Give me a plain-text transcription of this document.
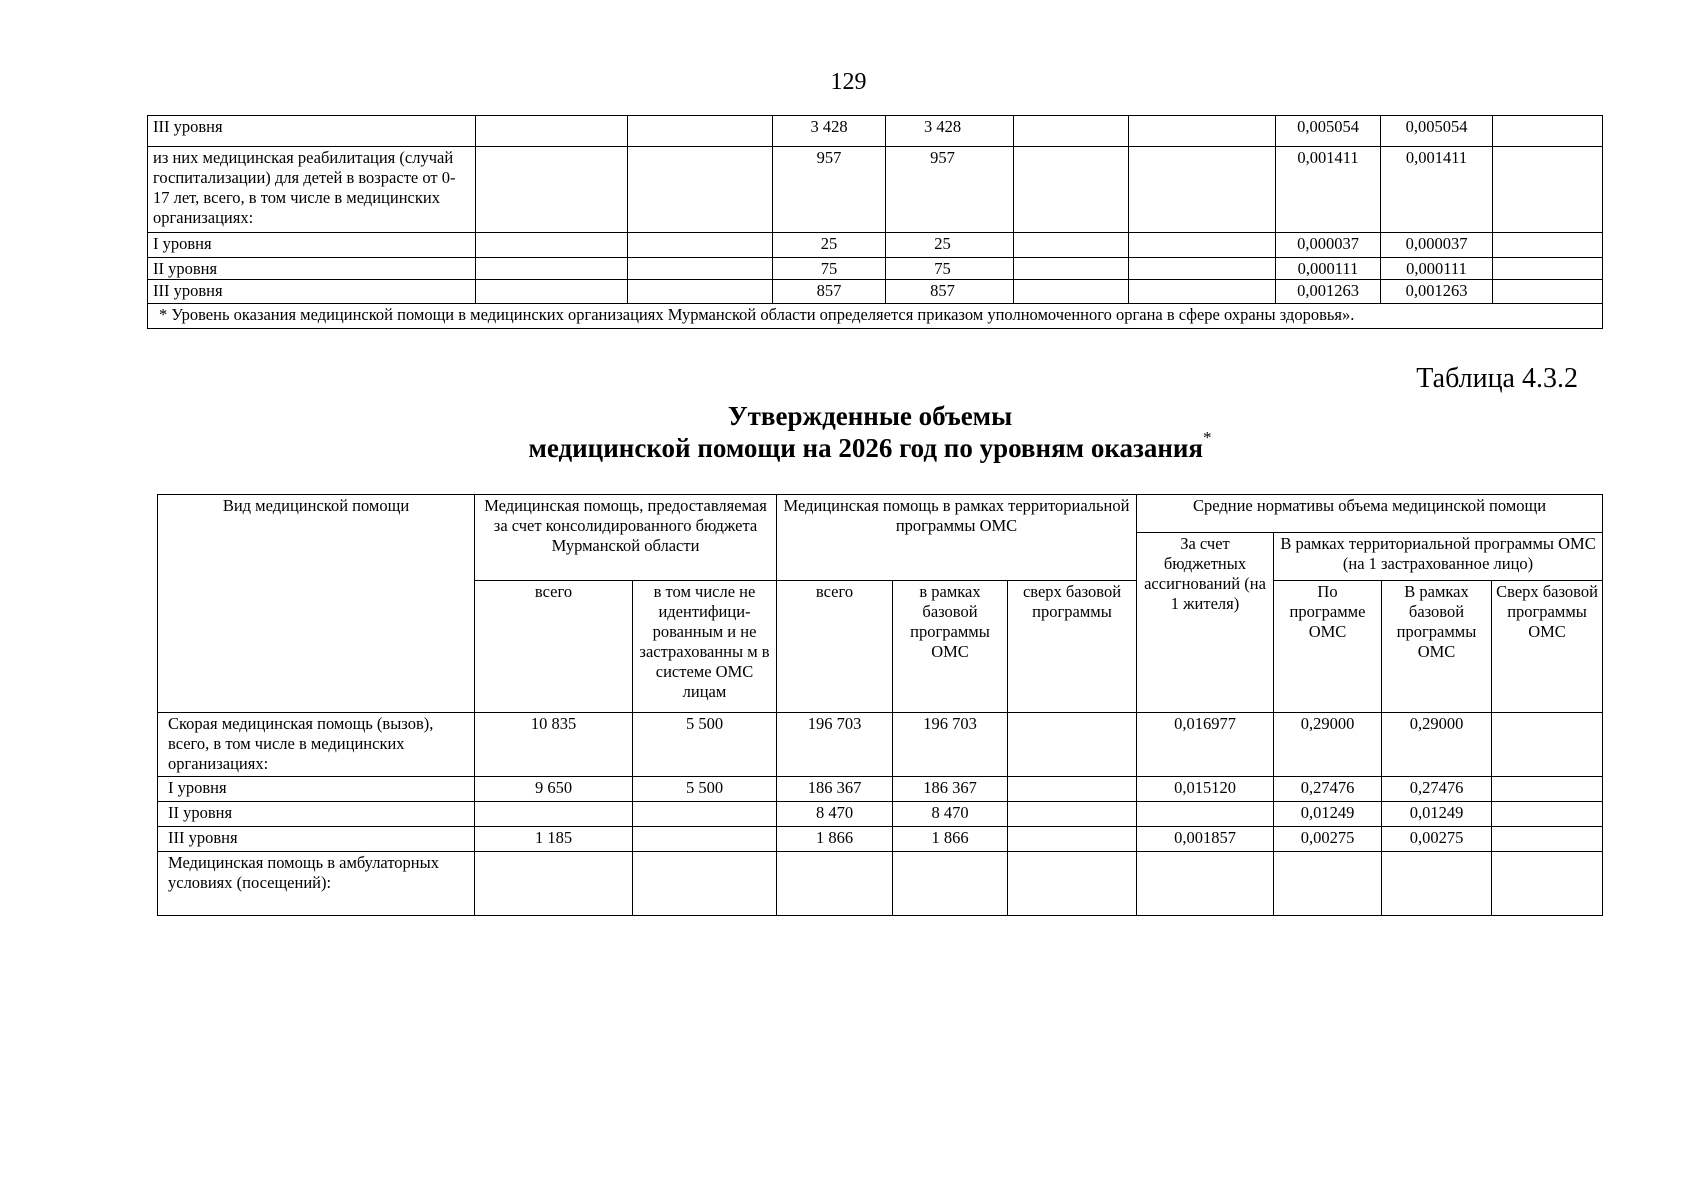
129
III уровня			3 428	3 428			0,005054	0,005054	
из них медицинская реабилитация (случай госпитализации) для детей в возрасте от 0-17 лет, всего, в том числе в медицинских организациях:			957	957			0,001411	0,001411	
I уровня			25	25			0,000037	0,000037	
II уровня			75	75			0,000111	0,000111	
III уровня			857	857			0,001263	0,001263	
* Уровень оказания медицинской помощи в медицинских организациях Мурманской области определяется приказом уполномоченного органа в сфере охраны здоровья».									
Таблица 4.3.2
Утвержденные объемы
медицинской помощи на 2026 год по уровням оказания*
Вид медицинской помощи	Медицинская помощь, предоставляемая за счет консолидированного бюджета Мурманской области		Медицинская помощь в рамках территориальной программы ОМС			Средние нормативы объема медицинской помощи			
						За счет бюджетных ассигнований (на 1 жителя)	В рамках территориальной программы ОМС (на 1 застрахованное лицо)		
	всего	в том числе не идентифици-рованным и не застрахованны м в системе ОМС лицам	всего	в рамках базовой программы ОМС	сверх базовой программы		По программе ОМС	В рамках базовой программы ОМС	Сверх базовой программы ОМС
Скорая медицинская помощь (вызов), всего, в том числе в медицинских организациях:	10 835	5 500	196 703	196 703		0,016977	0,29000	0,29000	
I уровня	9 650	5 500	186 367	186 367		0,015120	0,27476	0,27476	
II уровня			8 470	8 470			0,01249	0,01249	
III уровня	1 185		1 866	1 866		0,001857	0,00275	0,00275	
Медицинская помощь в амбулаторных условиях (посещений):									
